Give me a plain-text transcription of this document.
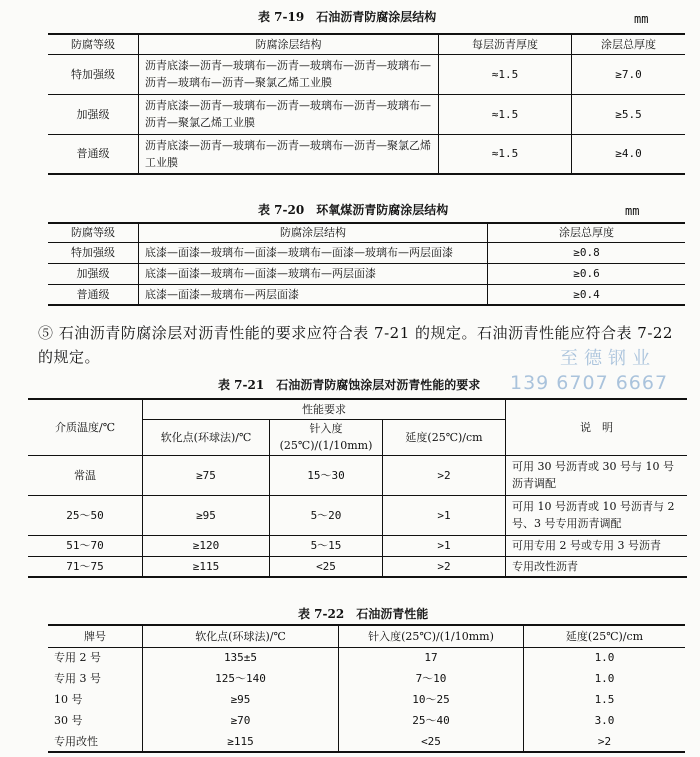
表 7-19　石油沥青防腐涂层结构	mm
防腐等级	防腐涂层结构	每层沥青厚度	涂层总厚度
特加强级	沥青底漆—沥青—玻璃布—沥青—玻璃布—沥青—玻璃布—沥青—玻璃布—沥青—聚氯乙烯工业膜	≈1.5	≥7.0
加强级	沥青底漆—沥青—玻璃布—沥青—玻璃布—沥青—玻璃布—沥青—聚氯乙烯工业膜	≈1.5	≥5.5
普通级	沥青底漆—沥青—玻璃布—沥青—玻璃布—沥青—聚氯乙烯工业膜	≈1.5	≥4.0
表 7-20　环氧煤沥青防腐涂层结构	mm
防腐等级	防腐涂层结构	涂层总厚度
特加强级	底漆—面漆—玻璃布—面漆—玻璃布—面漆—玻璃布—两层面漆	≥0.8
加强级	底漆—面漆—玻璃布—面漆—玻璃布—两层面漆	≥0.6
普通级	底漆—面漆—玻璃布—两层面漆	≥0.4
⑤ 石油沥青防腐涂层对沥青性能的要求应符合表 7-21 的规定。石油沥青性能应符合表 7-22 的规定。	至德钢业
139 6707 6667
表 7-21　石油沥青防腐蚀涂层对沥青性能的要求
介质温度/℃	性能要求			说　明
	软化点(环球法)/℃	针入度(25℃)/(1/10mm)	延度(25℃)/cm	
常温	≥75	15～30	>2	可用 30 号沥青或 30 号与 10 号沥青调配
25～50	≥95	5～20	>1	可用 10 号沥青或 10 号沥青与 2 号、3 号专用沥青调配
51～70	≥120	5～15	>1	可用专用 2 号或专用 3 号沥青
71～75	≥115	<25	>2	专用改性沥青
表 7-22　石油沥青性能
牌号	软化点(环球法)/℃	针入度(25℃)/(1/10mm)	延度(25℃)/cm
专用 2 号	135±5	17	1.0
专用 3 号	125～140	7～10	1.0
10 号	≥95	10～25	1.5
30 号	≥70	25～40	3.0
专用改性	≥115	<25	>2
